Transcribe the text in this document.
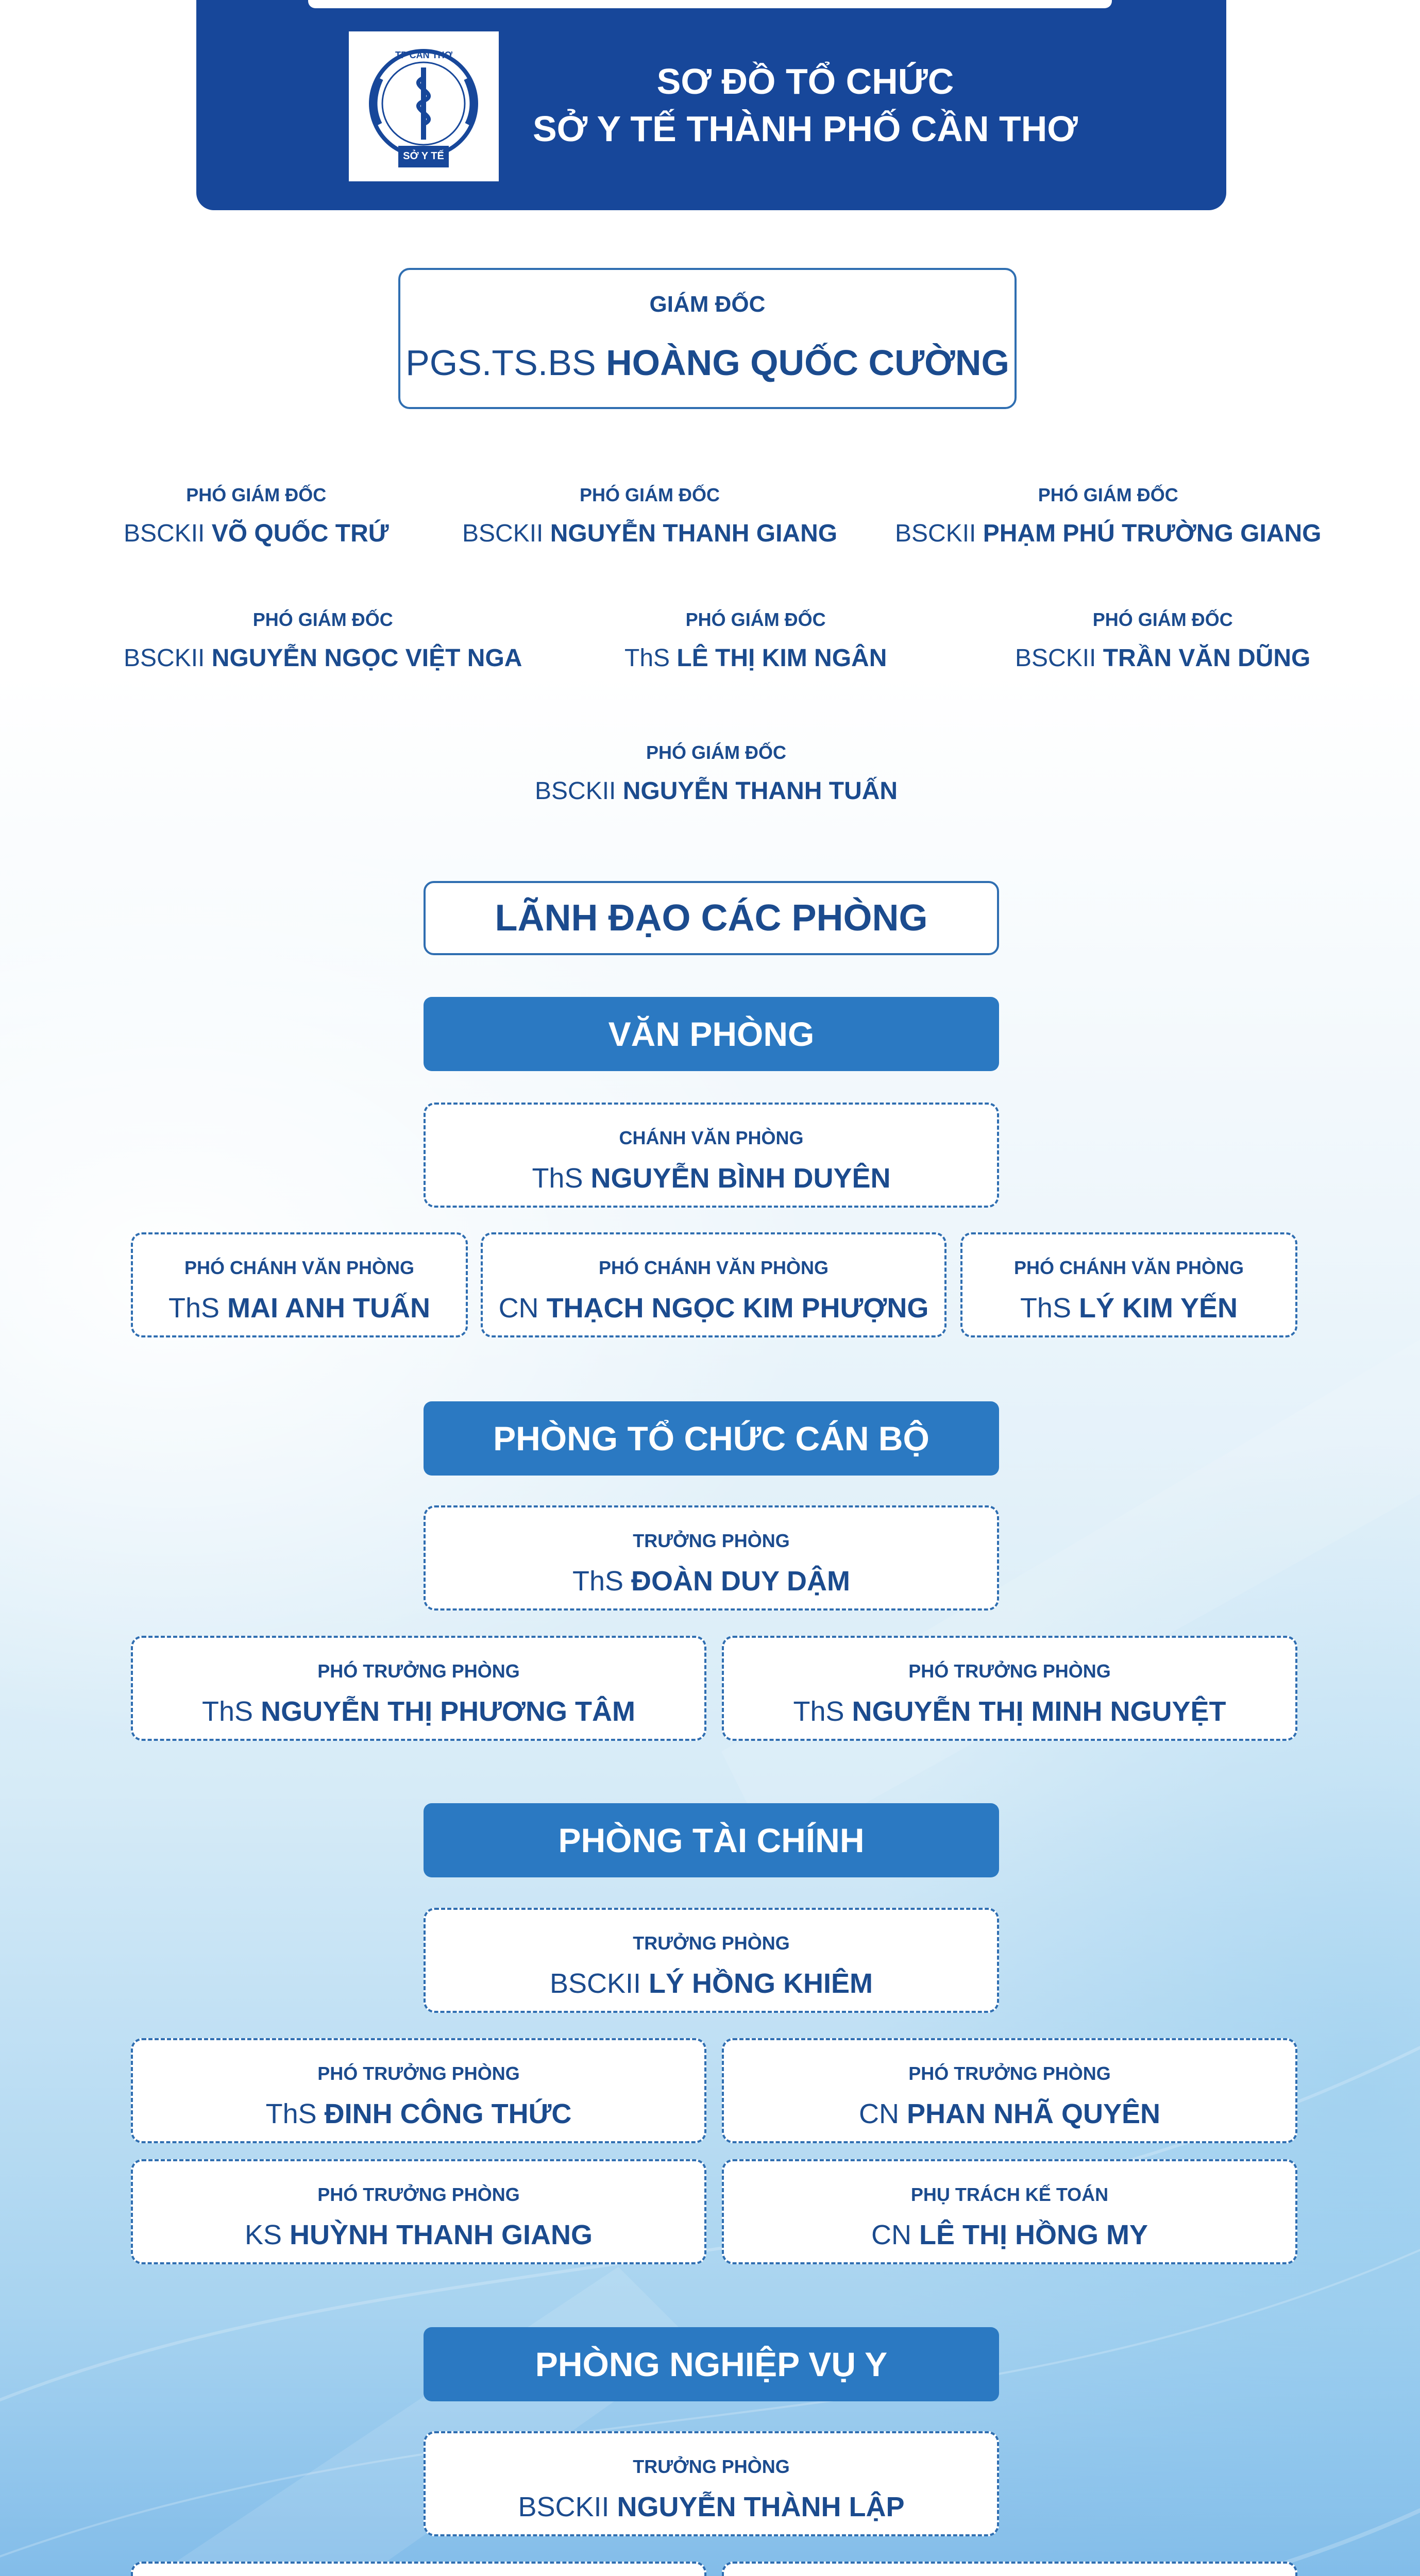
TP CẦN THƠ
SỞ Y TẾ
SƠ ĐỒ TỔ CHỨC
SỞ Y TẾ THÀNH PHỐ CẦN THƠ
GIÁM ĐỐC
PGS.TS.BS HOÀNG QUỐC CƯỜNG
PHÓ GIÁM ĐỐC
BSCKII VÕ QUỐC TRỨ
PHÓ GIÁM ĐỐC
BSCKII NGUYỄN THANH GIANG
PHÓ GIÁM ĐỐC
BSCKII PHẠM PHÚ TRƯỜNG GIANG
PHÓ GIÁM ĐỐC
BSCKII NGUYỄN NGỌC VIỆT NGA
PHÓ GIÁM ĐỐC
ThS LÊ THỊ KIM NGÂN
PHÓ GIÁM ĐỐC
BSCKII TRẦN VĂN DŨNG
PHÓ GIÁM ĐỐC
BSCKII NGUYỄN THANH TUẤN
LÃNH ĐẠO CÁC PHÒNG
VĂN PHÒNG
CHÁNH VĂN PHÒNG
ThS NGUYỄN BÌNH DUYÊN
PHÓ CHÁNH VĂN PHÒNG
ThS MAI ANH TUẤN
PHÓ CHÁNH VĂN PHÒNG
CN THẠCH NGỌC KIM PHƯỢNG
PHÓ CHÁNH VĂN PHÒNG
ThS LÝ KIM YẾN
PHÒNG TỔ CHỨC CÁN BỘ
TRƯỞNG PHÒNG
ThS ĐOÀN DUY DẬM
PHÓ TRƯỞNG PHÒNG
ThS NGUYỄN THỊ PHƯƠNG TÂM
PHÓ TRƯỞNG PHÒNG
ThS NGUYỄN THỊ MINH NGUYỆT
PHÒNG TÀI CHÍNH
TRƯỞNG PHÒNG
BSCKII LÝ HỒNG KHIÊM
PHÓ TRƯỞNG PHÒNG
ThS ĐINH CÔNG THỨC
PHÓ TRƯỞNG PHÒNG
CN PHAN NHÃ QUYÊN
PHÓ TRƯỞNG PHÒNG
KS HUỲNH THANH GIANG
PHỤ TRÁCH KẾ TOÁN
CN LÊ THỊ HỒNG MY
PHÒNG NGHIỆP VỤ Y
TRƯỞNG PHÒNG
BSCKII NGUYỄN THÀNH LẬP
